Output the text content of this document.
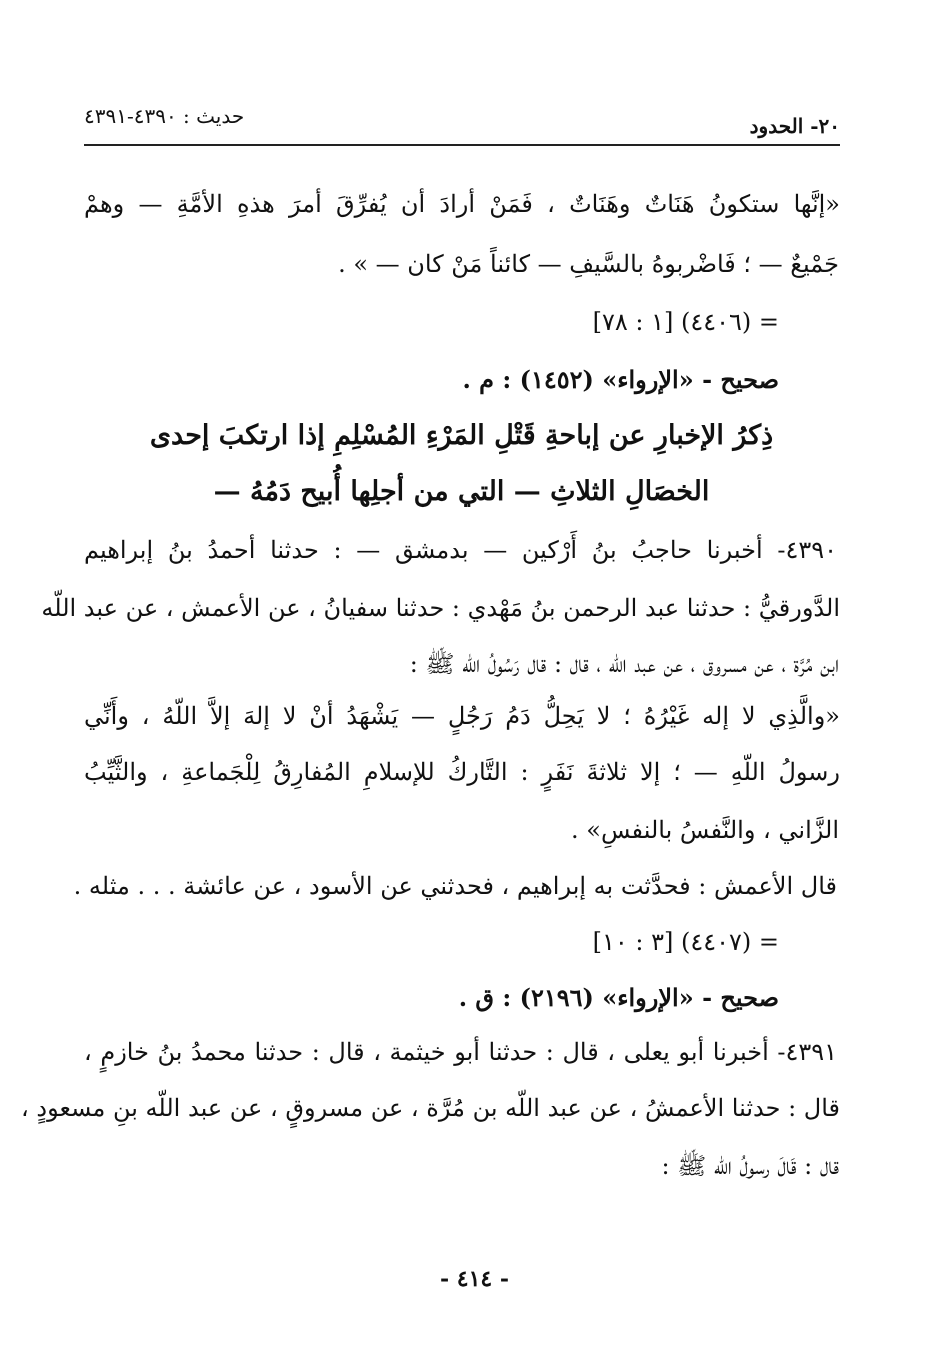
٢٠- الحدود
حديث : ٤٣٩٠-٤٣٩١
«إنَّها ستكونُ هَنَاتٌ وهَنَاتٌ ، فَمَنْ أرادَ أن يُفرِّقَ أمرَ هذهِ الأمَّةِ — وهمْ
جَمْيعٌ — ؛ فَاضْربوهُ بالسَّيفِ — كائناً مَنْ كان — » .
= (٤٤٠٦) [١ : ٧٨]
صحيح - «الإرواء» (١٤٥٢) : م .
ذِكرُ الإخبارِ عن إباحةِ قَتْلِ المَرْءِ المُسْلِمِ إذا ارتكبَ إحدى
الخصَالِ الثلاثِ — التي من أجلِها أُبيح دَمُهُ —
٤٣٩٠- أخبرنا حاجبُ بنُ أَرْكين — بدمشق — : حدثنا أحمدُ بنُ إبراهيم
الدَّورقيُّ : حدثنا عبد الرحمن بنُ مَهْدي : حدثنا سفيانُ ، عن الأعمش ، عن عبد اللّه
ابن مُرَّة ، عن مسروق ، عن عبد اللّه ، قال : قال رَسُولُ اللّه ﷺ :
«والَّذِي لا إله غَيْرُهُ ؛ لا يَحِلُّ دَمُ رَجُلٍ — يَشْهَدُ أنْ لا إلهَ إلاَّ اللّهُ ، وأَنِّي
رسولُ اللّهِ — ؛ إلا ثلاثةَ نَفَرٍ : التَّاركُ للإسلامِ المُفارِقُ لِلْجَماعةِ ، والثَّيِّبُ
الزَّاني ، والنَّفسُ بالنفسِ» .
قال الأعمش : فحدَّثت به إبراهيم ، فحدثني عن الأسود ، عن عائشة . . . مثله .
= (٤٤٠٧) [٣ : ١٠]
صحيح - «الإرواء» (٢١٩٦) : ق .
٤٣٩١- أخبرنا أبو يعلى ، قال : حدثنا أبو خيثمة ، قال : حدثنا محمدُ بنُ خازمٍ ،
قال : حدثنا الأعمشُ ، عن عبد اللّه بن مُرَّة ، عن مسروقٍ ، عن عبد اللّه بنِ مسعودٍ ،
قال : قَالَ رسولُ اللّه ﷺ :
- ٤١٤ -
